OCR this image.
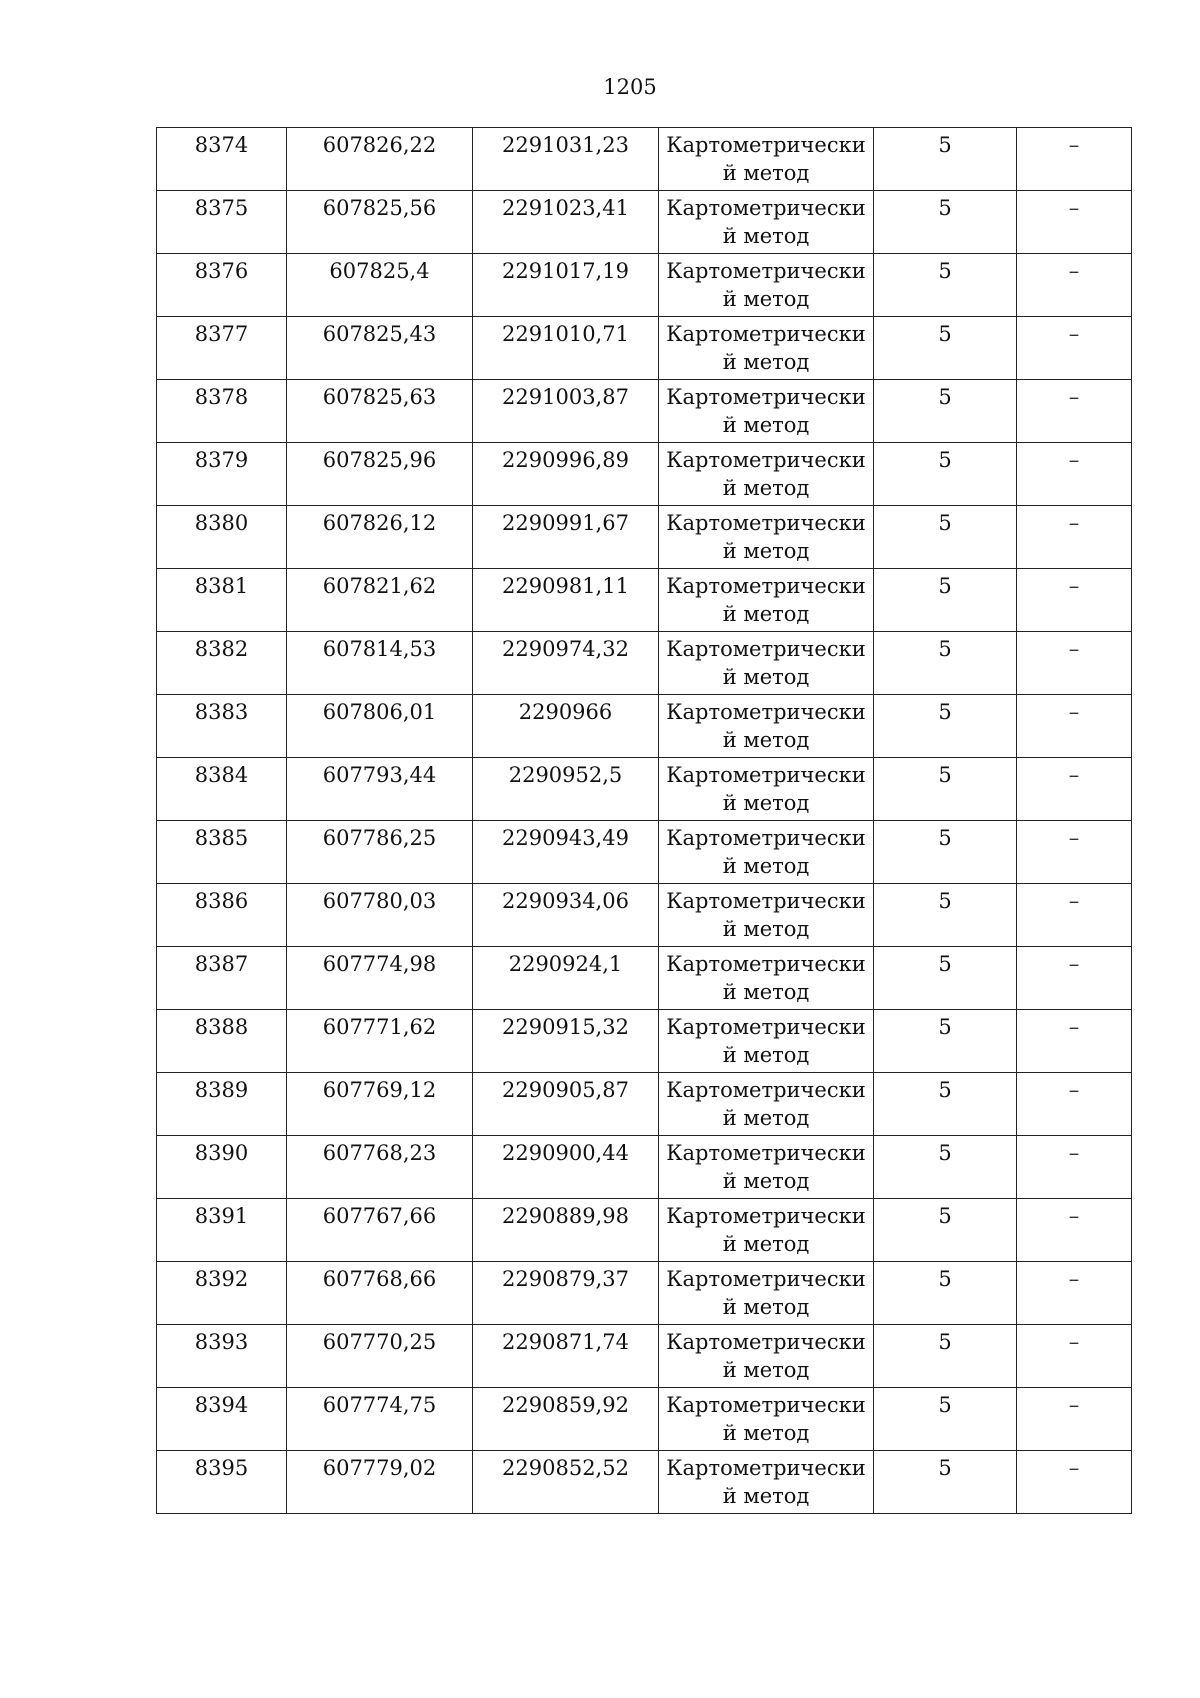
1205
8374	607826,22	2291031,23	Картометрический метод	5	–
8375	607825,56	2291023,41	Картометрический метод	5	–
8376	607825,4	2291017,19	Картометрический метод	5	–
8377	607825,43	2291010,71	Картометрический метод	5	–
8378	607825,63	2291003,87	Картометрический метод	5	–
8379	607825,96	2290996,89	Картометрический метод	5	–
8380	607826,12	2290991,67	Картометрический метод	5	–
8381	607821,62	2290981,11	Картометрический метод	5	–
8382	607814,53	2290974,32	Картометрический метод	5	–
8383	607806,01	2290966	Картометрический метод	5	–
8384	607793,44	2290952,5	Картометрический метод	5	–
8385	607786,25	2290943,49	Картометрический метод	5	–
8386	607780,03	2290934,06	Картометрический метод	5	–
8387	607774,98	2290924,1	Картометрический метод	5	–
8388	607771,62	2290915,32	Картометрический метод	5	–
8389	607769,12	2290905,87	Картометрический метод	5	–
8390	607768,23	2290900,44	Картометрический метод	5	–
8391	607767,66	2290889,98	Картометрический метод	5	–
8392	607768,66	2290879,37	Картометрический метод	5	–
8393	607770,25	2290871,74	Картометрический метод	5	–
8394	607774,75	2290859,92	Картометрический метод	5	–
8395	607779,02	2290852,52	Картометрический метод	5	–
